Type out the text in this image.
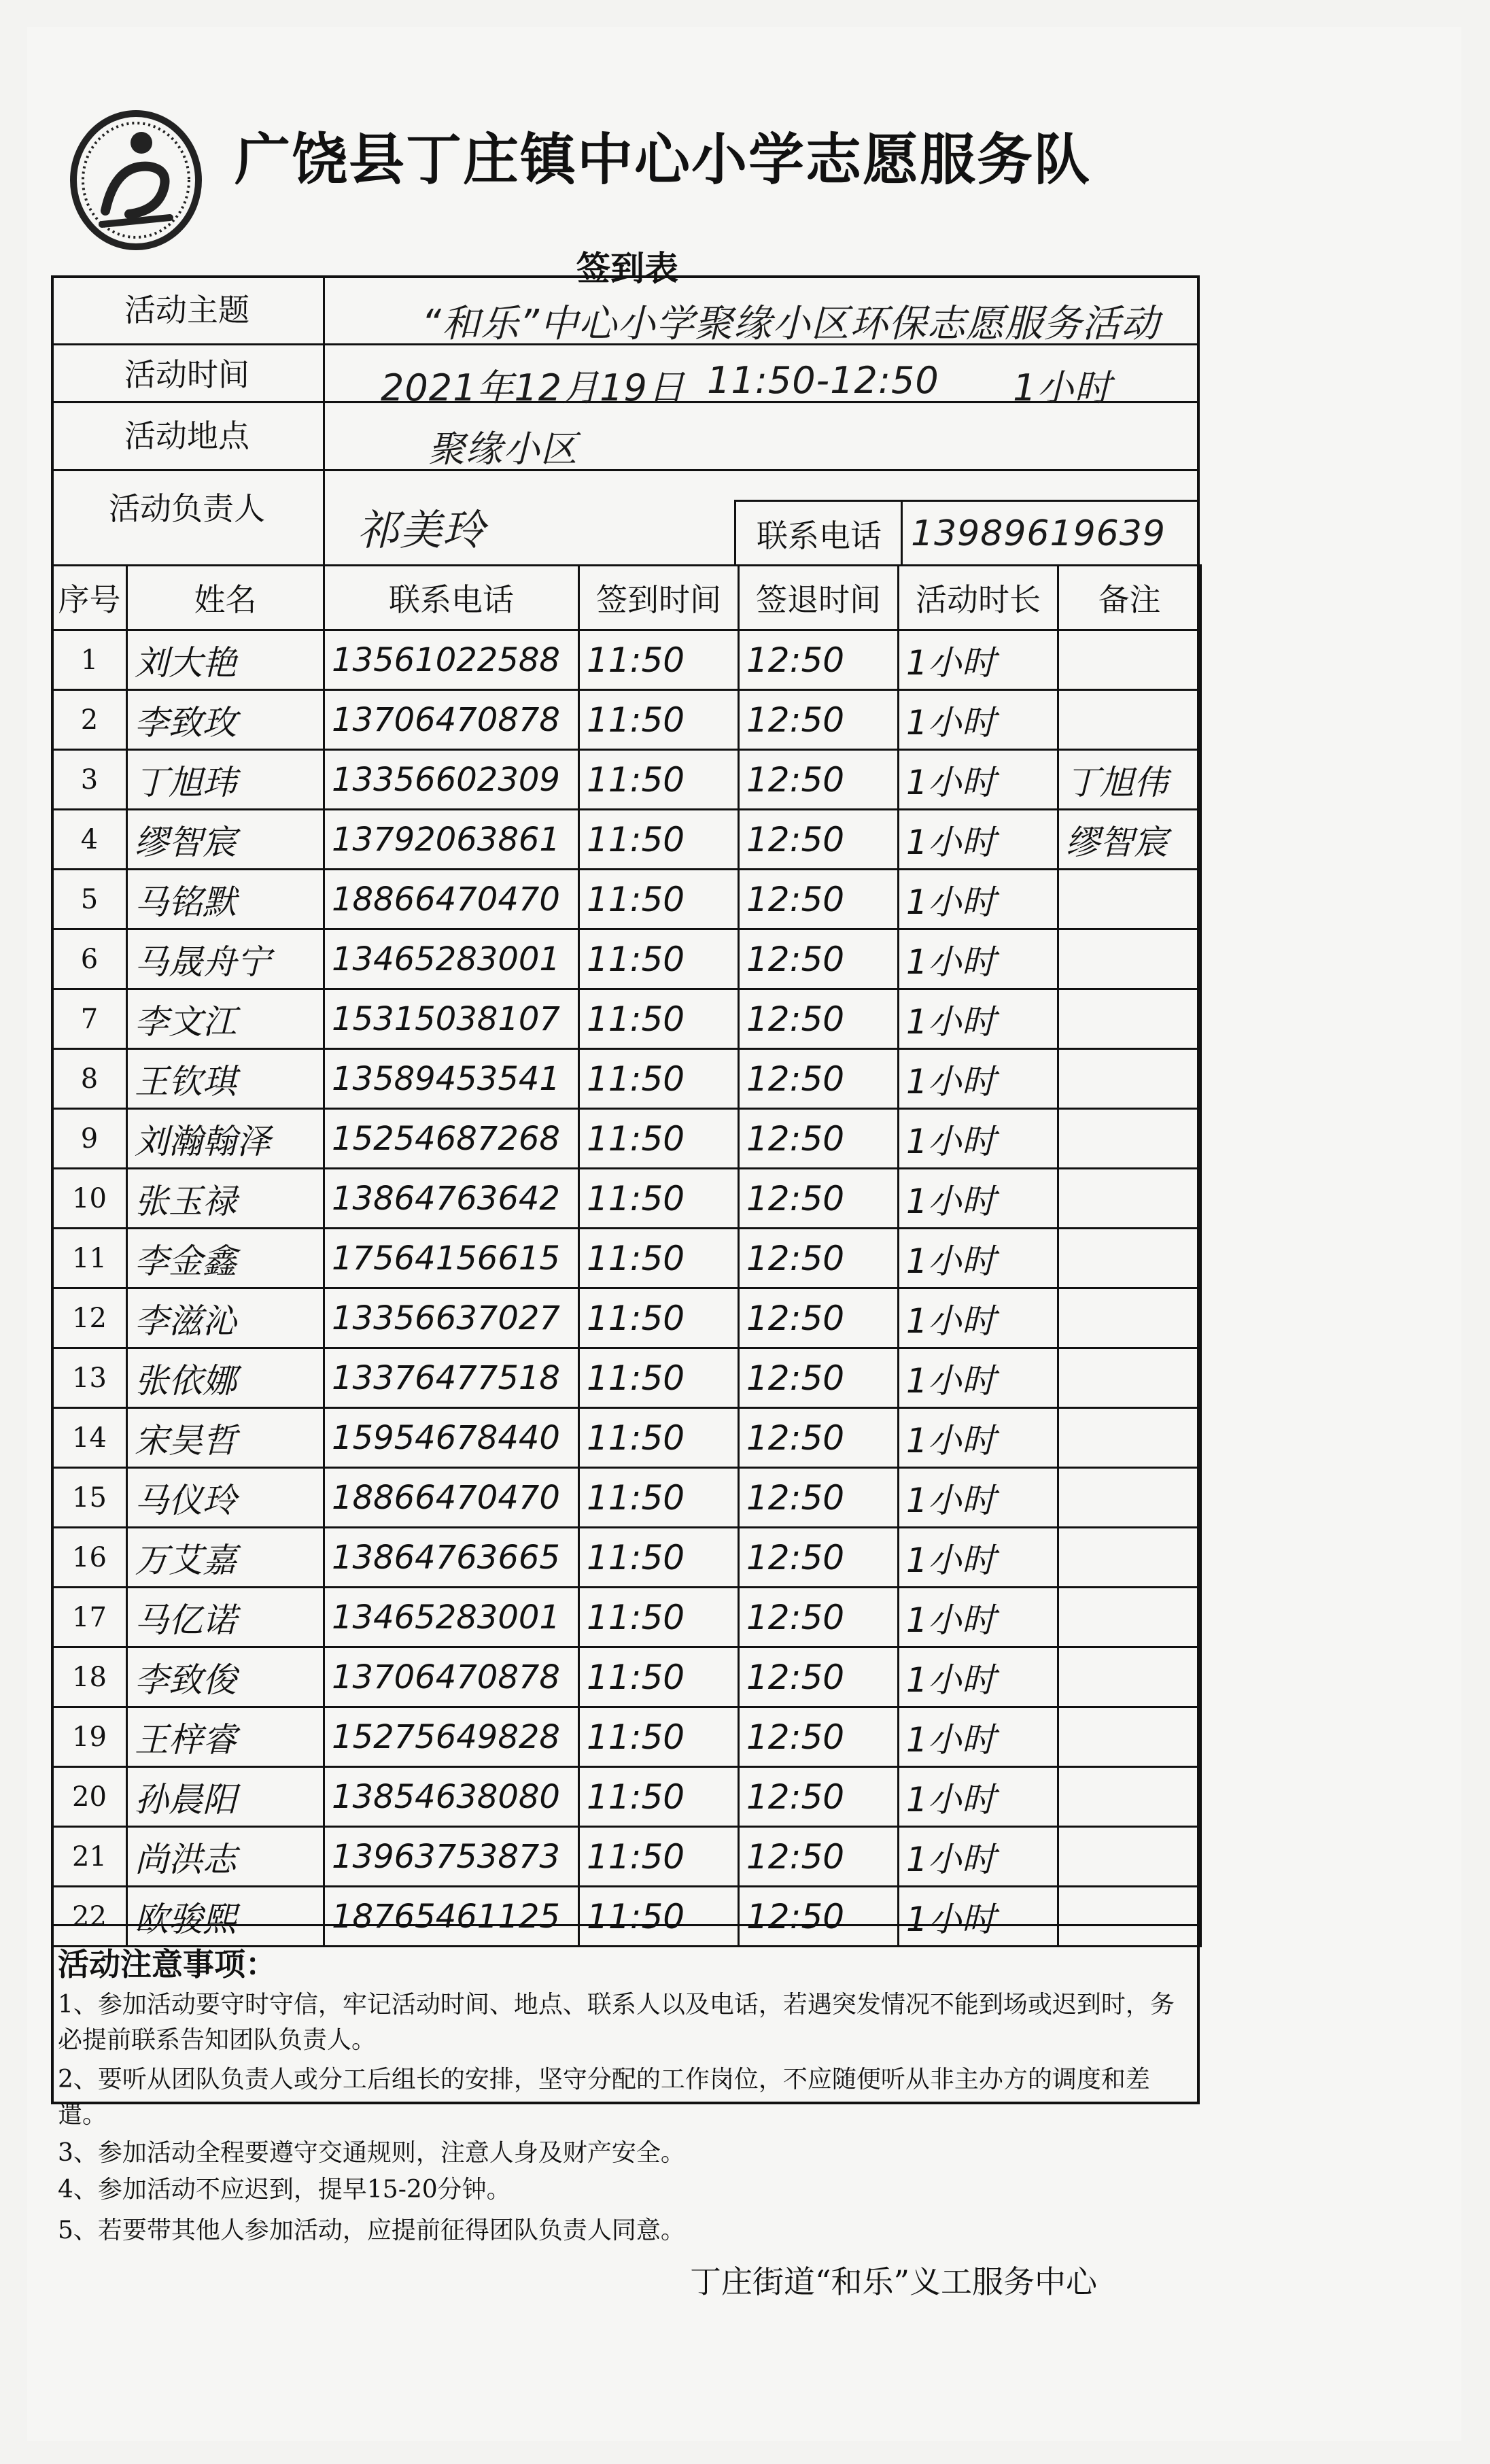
广饶县丁庄镇中心小学志愿服务队
签到表
活动主题	“和乐”中心小学聚缘小区环保志愿服务活动
活动时间	2021年12月19日 11:50-12:50 1小时
活动地点	聚缘小区
活动负责人	祁美玲	联系电话 13989619639
序号	姓名	联系电话	签到时间	签退时间	活动时长	备注
1	刘大艳	13561022588	11:50	12:50	1小时	
2	李致玫	13706470878	11:50	12:50	1小时	
3	丁旭玮	13356602309	11:50	12:50	1小时	丁旭伟
4	缪智宸	13792063861	11:50	12:50	1小时	缪智宸
5	马铭默	18866470470	11:50	12:50	1小时	
6	马晟舟宁	13465283001	11:50	12:50	1小时	
7	李文江	15315038107	11:50	12:50	1小时	
8	王钦琪	13589453541	11:50	12:50	1小时	
9	刘瀚翰泽	15254687268	11:50	12:50	1小时	
10	张玉禄	13864763642	11:50	12:50	1小时	
11	李金鑫	17564156615	11:50	12:50	1小时	
12	李滋沁	13356637027	11:50	12:50	1小时	
13	张依娜	13376477518	11:50	12:50	1小时	
14	宋昊哲	15954678440	11:50	12:50	1小时	
15	马仪玲	18866470470	11:50	12:50	1小时	
16	万艾嘉	13864763665	11:50	12:50	1小时	
17	马亿诺	13465283001	11:50	12:50	1小时	
18	李致俊	13706470878	11:50	12:50	1小时	
19	王梓睿	15275649828	11:50	12:50	1小时	
20	孙晨阳	13854638080	11:50	12:50	1小时	
21	尚洪志	13963753873	11:50	12:50	1小时	
22	欧骏熙	18765461125	11:50	12:50	1小时	
活动注意事项：
1、参加活动要守时守信，牢记活动时间、地点、联系人以及电话，若遇突发情况不能到场或迟到时，务必提前联系告知团队负责人。
2、要听从团队负责人或分工后组长的安排，坚守分配的工作岗位，不应随便听从非主办方的调度和差遣。
3、参加活动全程要遵守交通规则，注意人身及财产安全。
4、参加活动不应迟到，提早15-20分钟。
5、若要带其他人参加活动，应提前征得团队负责人同意。
丁庄街道“和乐”义工服务中心
